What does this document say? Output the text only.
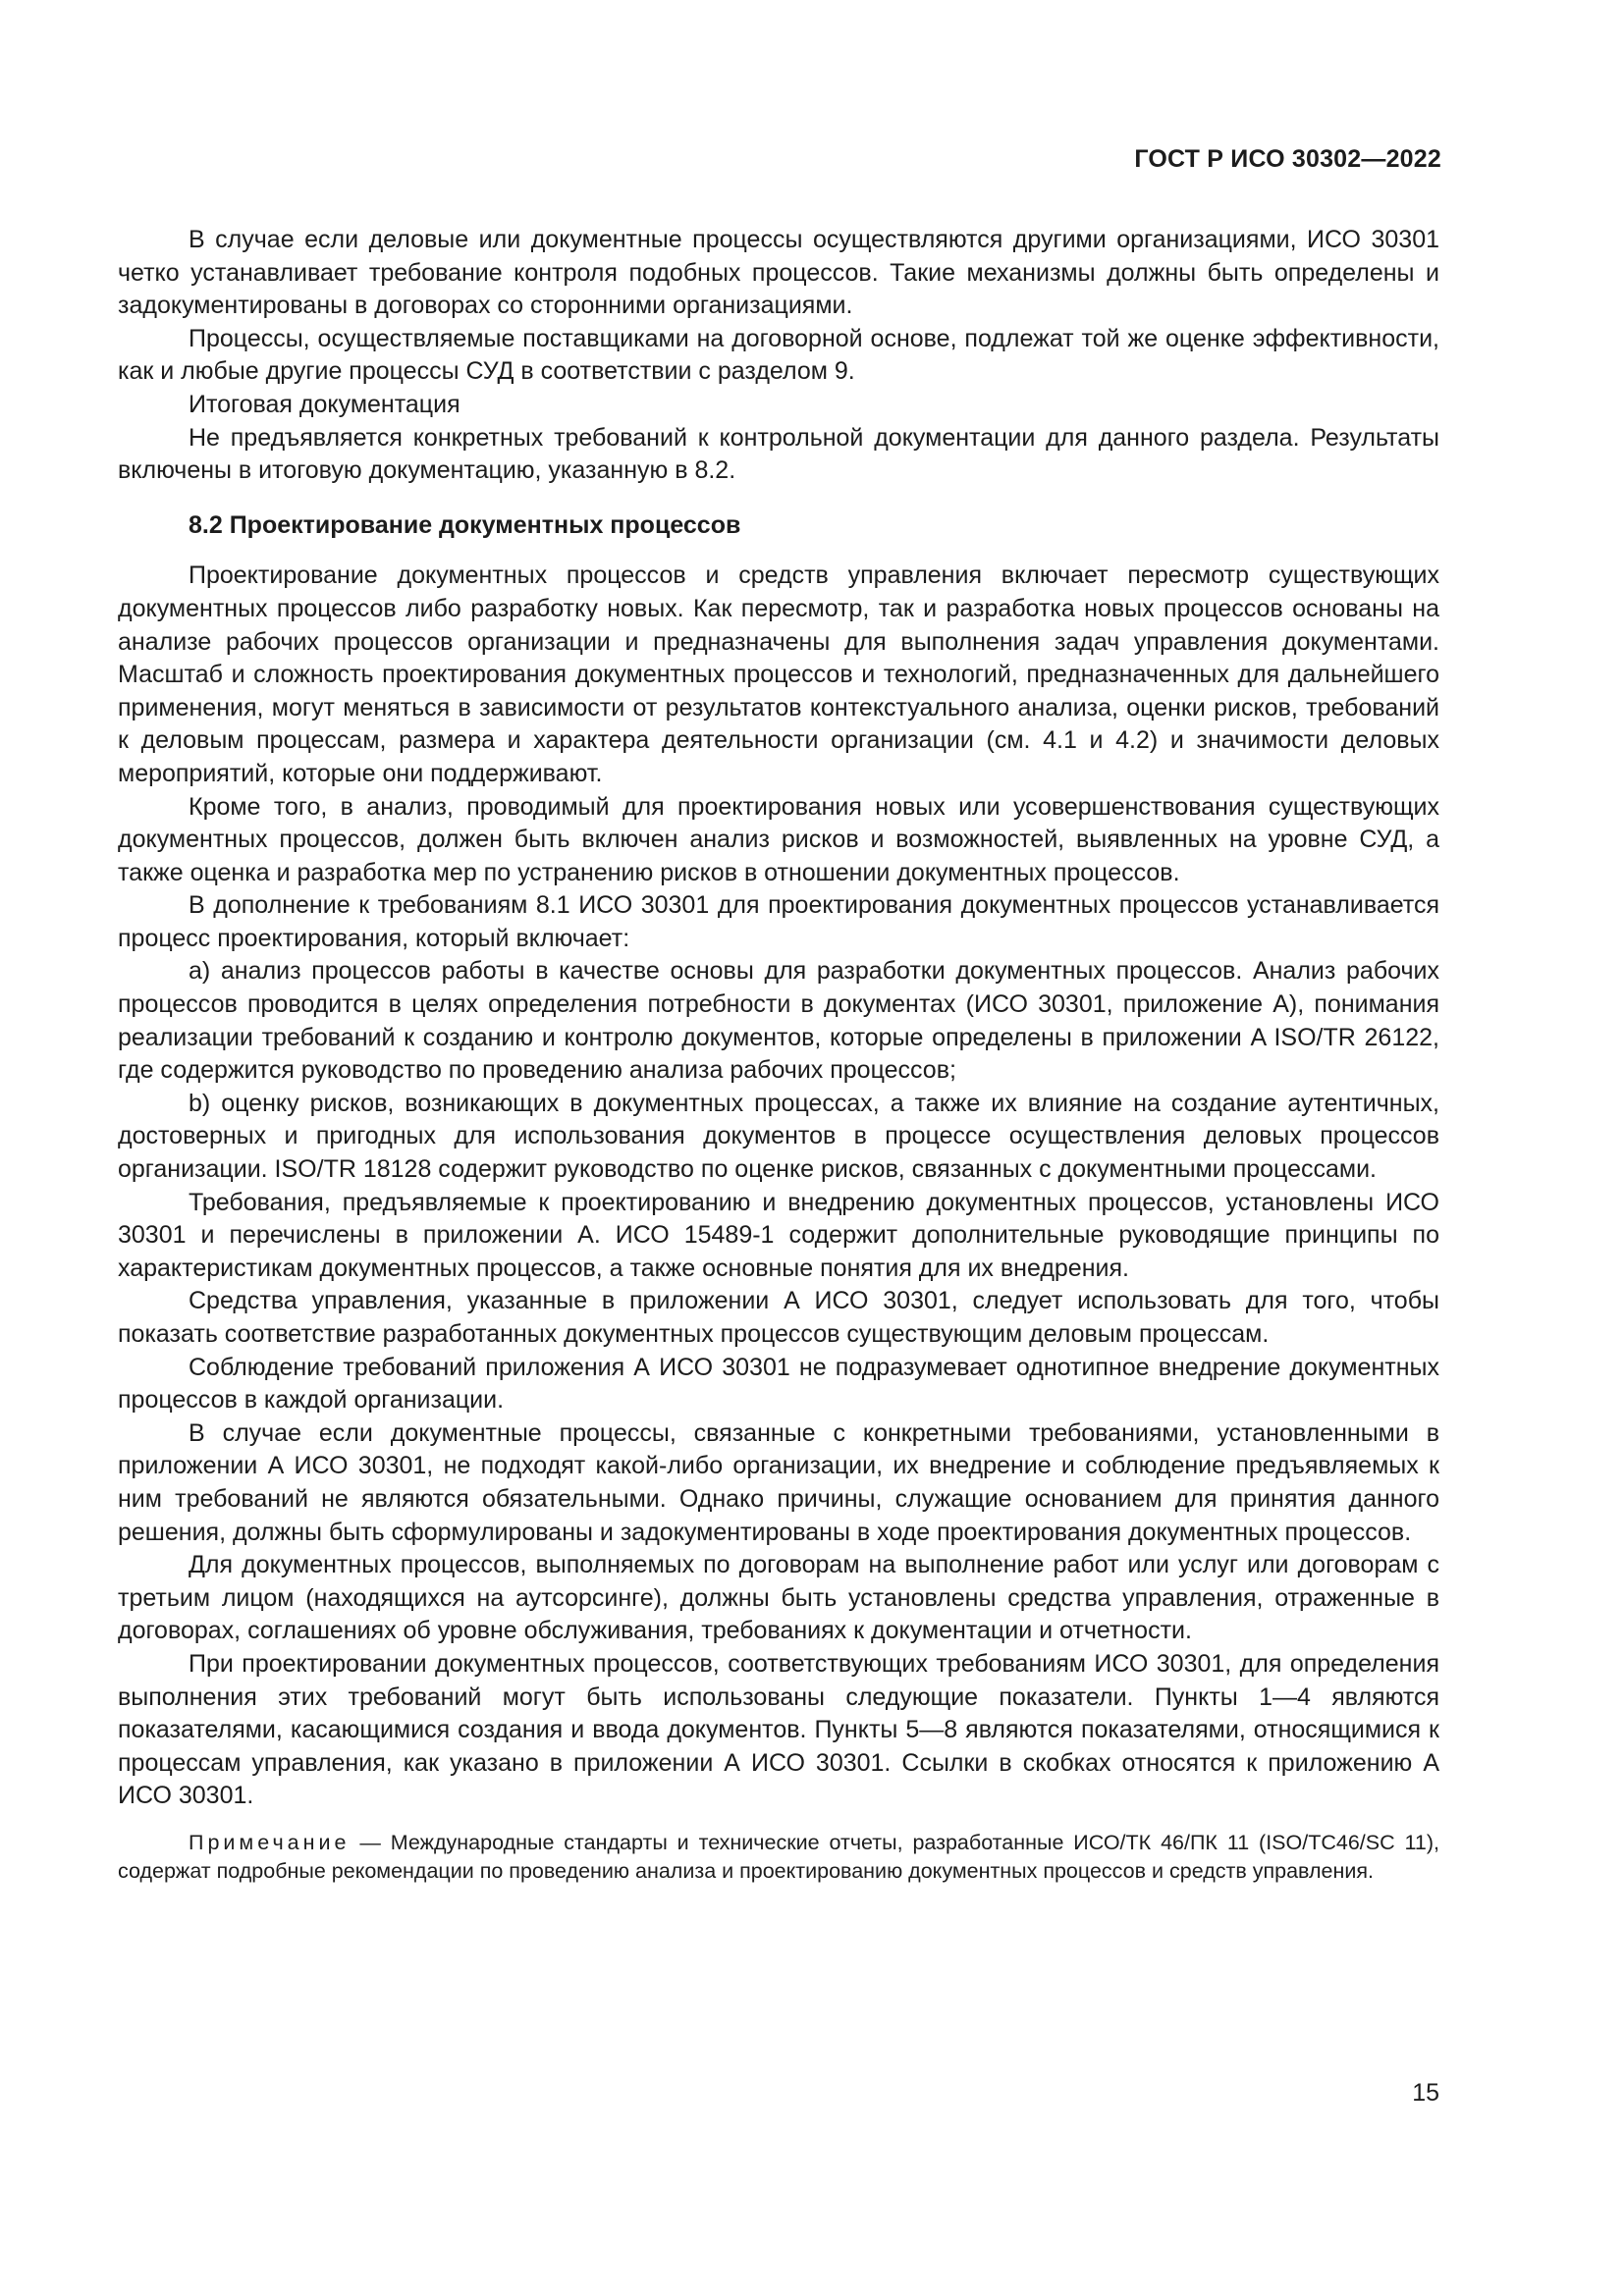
ГОСТ Р ИСО 30302—2022

В случае если деловые или документные процессы осуществляются другими организациями, ИСО 30301 четко устанавливает требование контроля подобных процессов. Такие механизмы должны быть определены и задокументированы в договорах со сторонними организациями.

Процессы, осуществляемые поставщиками на договорной основе, подлежат той же оценке эффективности, как и любые другие процессы СУД в соответствии с разделом 9.

Итоговая документация

Не предъявляется конкретных требований к контрольной документации для данного раздела. Результаты включены в итоговую документацию, указанную в 8.2.

8.2 Проектирование документных процессов

Проектирование документных процессов и средств управления включает пересмотр существующих документных процессов либо разработку новых. Как пересмотр, так и разработка новых процессов основаны на анализе рабочих процессов организации и предназначены для выполнения задач управления документами. Масштаб и сложность проектирования документных процессов и технологий, предназначенных для дальнейшего применения, могут меняться в зависимости от результатов контекстуального анализа, оценки рисков, требований к деловым процессам, размера и характера деятельности организации (см. 4.1 и 4.2) и значимости деловых мероприятий, которые они поддерживают.

Кроме того, в анализ, проводимый для проектирования новых или усовершенствования существующих документных процессов, должен быть включен анализ рисков и возможностей, выявленных на уровне СУД, а также оценка и разработка мер по устранению рисков в отношении документных процессов.

В дополнение к требованиям 8.1 ИСО 30301 для проектирования документных процессов устанавливается процесс проектирования, который включает:

a) анализ процессов работы в качестве основы для разработки документных процессов. Анализ рабочих процессов проводится в целях определения потребности в документах (ИСО 30301, приложение А), понимания реализации требований к созданию и контролю документов, которые определены в приложении A ISO/TR 26122, где содержится руководство по проведению анализа рабочих процессов;

b) оценку рисков, возникающих в документных процессах, а также их влияние на создание аутентичных, достоверных и пригодных для использования документов в процессе осуществления деловых процессов организации. ISO/TR 18128 содержит руководство по оценке рисков, связанных с документными процессами.

Требования, предъявляемые к проектированию и внедрению документных процессов, установлены ИСО 30301 и перечислены в приложении А. ИСО 15489-1 содержит дополнительные руководящие принципы по характеристикам документных процессов, а также основные понятия для их внедрения.

Средства управления, указанные в приложении А ИСО 30301, следует использовать для того, чтобы показать соответствие разработанных документных процессов существующим деловым процессам.

Соблюдение требований приложения А ИСО 30301 не подразумевает однотипное внедрение документных процессов в каждой организации.

В случае если документные процессы, связанные с конкретными требованиями, установленными в приложении А ИСО 30301, не подходят какой-либо организации, их внедрение и соблюдение предъявляемых к ним требований не являются обязательными. Однако причины, служащие основанием для принятия данного решения, должны быть сформулированы и задокументированы в ходе проектирования документных процессов.

Для документных процессов, выполняемых по договорам на выполнение работ или услуг или договорам с третьим лицом (находящихся на аутсорсинге), должны быть установлены средства управления, отраженные в договорах, соглашениях об уровне обслуживания, требованиях к документации и отчетности.

При проектировании документных процессов, соответствующих требованиям ИСО 30301, для определения выполнения этих требований могут быть использованы следующие показатели. Пункты 1—4 являются показателями, касающимися создания и ввода документов. Пункты 5—8 являются показателями, относящимися к процессам управления, как указано в приложении А ИСО 30301. Ссылки в скобках относятся к приложению А ИСО 30301.

Примечание — Международные стандарты и технические отчеты, разработанные ИСО/ТК 46/ПК 11 (ISO/TC46/SC 11), содержат подробные рекомендации по проведению анализа и проектированию документных процессов и средств управления.

15
